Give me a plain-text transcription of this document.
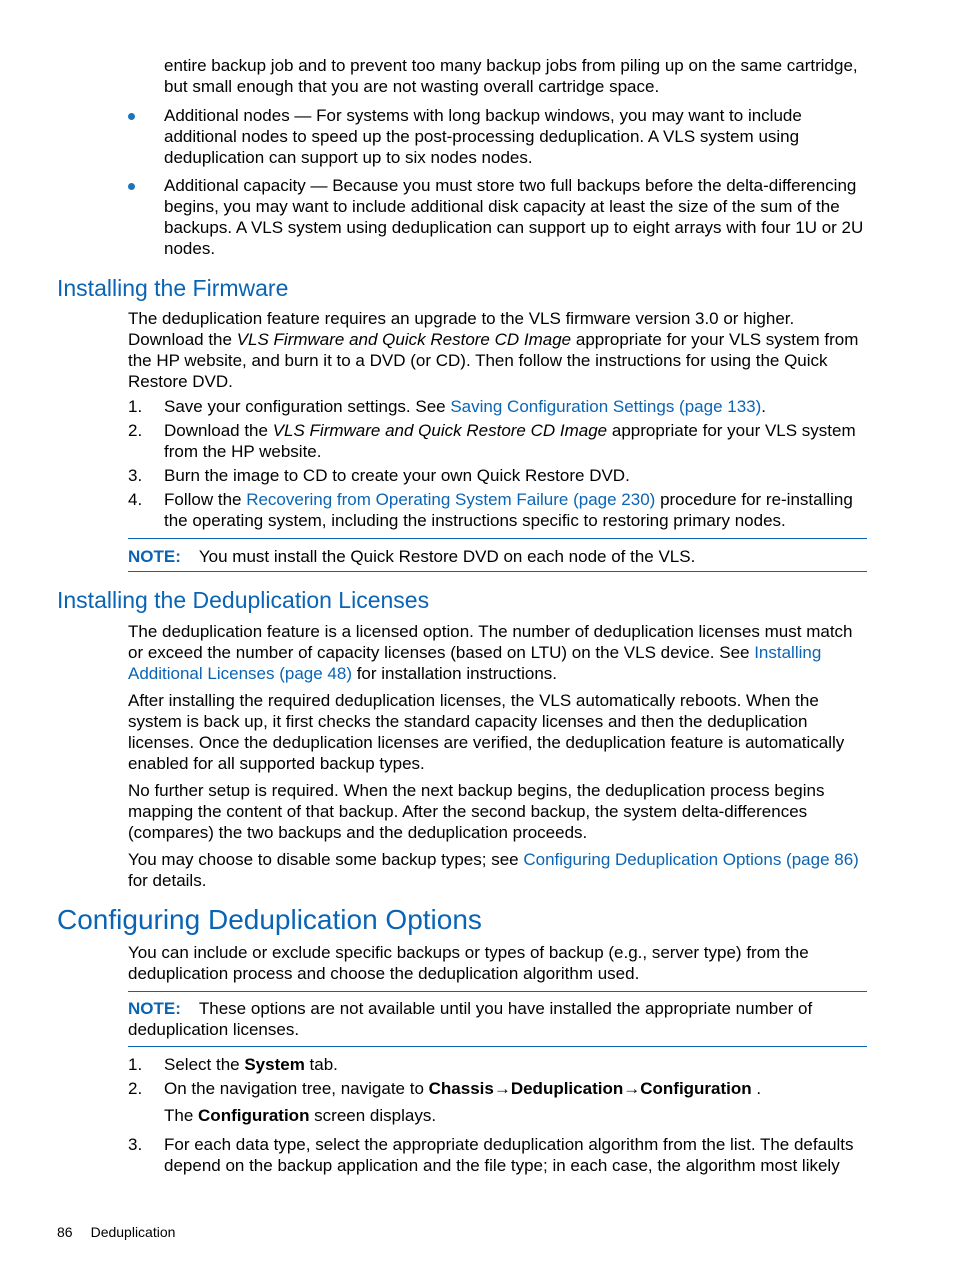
entire backup job and to prevent too many backup jobs from piling up on the same cartridge,
but small enough that you are not wasting overall cartridge space.

Additional nodes — For systems with long backup windows, you may want to include additional nodes to speed up the post-processing deduplication. A VLS system using deduplication can support up to six nodes nodes.

Additional capacity — Because you must store two full backups before the delta-differencing begins, you may want to include additional disk capacity at least the size of the sum of the backups. A VLS system using deduplication can support up to eight arrays with four 1U or 2U nodes.

Installing the Firmware

The deduplication feature requires an upgrade to the VLS firmware version 3.0 or higher. Download the VLS Firmware and Quick Restore CD Image appropriate for your VLS system from the HP website, and burn it to a DVD (or CD). Then follow the instructions for using the Quick Restore DVD.

1.	Save your configuration settings. See Saving Configuration Settings (page 133).

2.	Download the VLS Firmware and Quick Restore CD Image appropriate for your VLS system from the HP website.

3.	Burn the image to CD to create your own Quick Restore DVD.

4.	Follow the Recovering from Operating System Failure (page 230) procedure for re-installing the operating system, including the instructions specific to restoring primary nodes.

NOTE: You must install the Quick Restore DVD on each node of the VLS.
Installing the Deduplication Licenses

The deduplication feature is a licensed option. The number of deduplication licenses must match or exceed the number of capacity licenses (based on LTU) on the VLS device. See Installing Additional Licenses (page 48) for installation instructions.

After installing the required deduplication licenses, the VLS automatically reboots. When the system is back up, it first checks the standard capacity licenses and then the deduplication licenses. Once the deduplication licenses are verified, the deduplication feature is automatically enabled for all supported backup types.

No further setup is required. When the next backup begins, the deduplication process begins mapping the content of that backup. After the second backup, the system delta-differences (compares) the two backups and the deduplication proceeds.

You may choose to disable some backup types; see Configuring Deduplication Options (page 86) for details.

Configuring Deduplication Options

You can include or exclude specific backups or types of backup (e.g., server type) from the deduplication process and choose the deduplication algorithm used.

NOTE: These options are not available until you have installed the appropriate number of deduplication licenses.
1.	Select the System tab.

2.	On the navigation tree, navigate to Chassis→Deduplication→Configuration .

The Configuration screen displays.

3.	For each data type, select the appropriate deduplication algorithm from the list. The defaults depend on the backup application and the file type; in each case, the algorithm most likely

86 Deduplication
